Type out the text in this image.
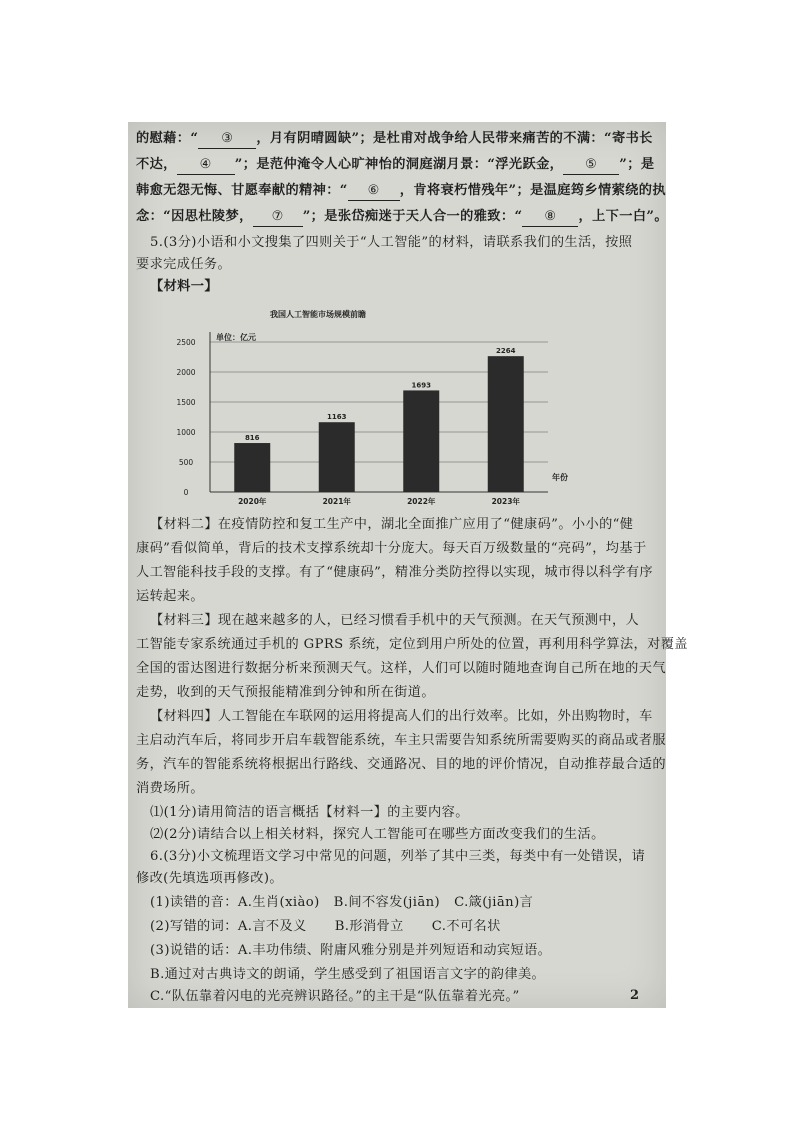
的慰藉：“ ③ ，月有阴晴圆缺”；是杜甫对战争给人民带来痛苦的不满：“寄书长
不达， ④ ”；是范仲淹令人心旷神怡的洞庭湖月景：“浮光跃金， ⑤ ”；是
韩愈无怨无悔、甘愿奉献的精神：“ ⑥ ，肯将衰朽惜残年”；是温庭筠乡情萦绕的执
念：“因思杜陵梦， ⑦ ”；是张岱痴迷于天人合一的雅致：“ ⑧ ，上下一白”。
5.(3分)小语和小文搜集了四则关于“人工智能”的材料，请联系我们的生活，按照
要求完成任务。
【材料一】
我国人工智能市场规模前瞻
单位：亿元
年份
0
500
1000
1500
2000
2500
816
1163
1693
2264
2020年	2021年	2022年	2023年
【材料二】在疫情防控和复工生产中，湖北全面推广应用了“健康码”。小小的“健
康码”看似简单，背后的技术支撑系统却十分庞大。每天百万级数量的“亮码”，均基于
人工智能科技手段的支撑。有了“健康码”，精准分类防控得以实现，城市得以科学有序
运转起来。
【材料三】现在越来越多的人，已经习惯看手机中的天气预测。在天气预测中，人
工智能专家系统通过手机的 GPRS 系统，定位到用户所处的位置，再利用科学算法，对覆盖
全国的雷达图进行数据分析来预测天气。这样，人们可以随时随地查询自己所在地的天气
走势，收到的天气预报能精准到分钟和所在街道。
【材料四】人工智能在车联网的运用将提高人们的出行效率。比如，外出购物时，车
主启动汽车后，将同步开启车载智能系统，车主只需要告知系统所需要购买的商品或者服
务，汽车的智能系统将根据出行路线、交通路况、目的地的评价情况，自动推荐最合适的
消费场所。
⑴(1分)请用简洁的语言概括【材料一】的主要内容。
⑵(2分)请结合以上相关材料，探究人工智能可在哪些方面改变我们的生活。
6.(3分)小文梳理语文学习中常见的问题，列举了其中三类，每类中有一处错误，请
修改(先填选项再修改)。
(1)读错的音：A.生肖(xiào) B.间不容发(jiān) C.箴(jiān)言
(2)写错的词：A.言不及义 B.形消骨立 C.不可名状
(3)说错的话：A.丰功伟绩、附庸风雅分别是并列短语和动宾短语。
B.通过对古典诗文的朗诵，学生感受到了祖国语言文字的韵律美。
C.“队伍靠着闪电的光亮辨识路径。”的主干是“队伍靠着光亮。”	2
